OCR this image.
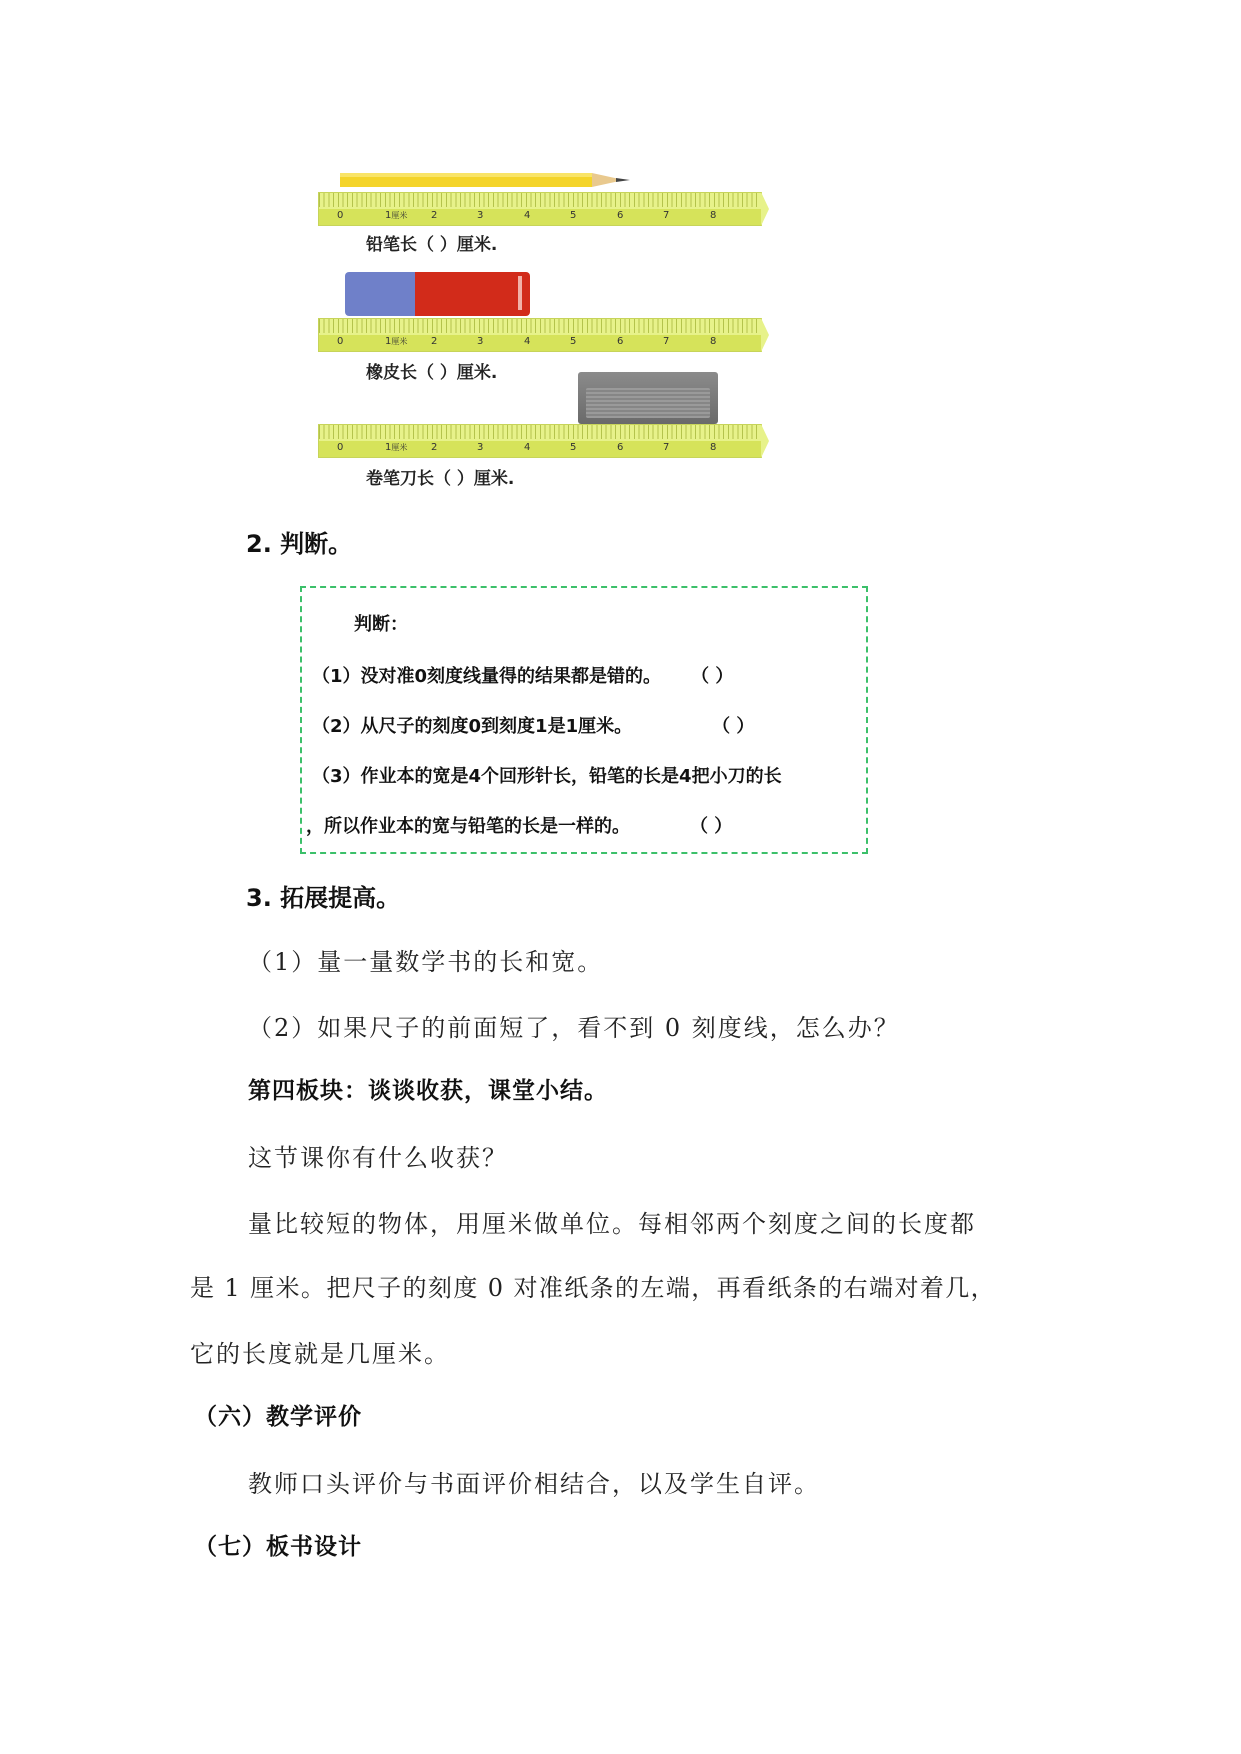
0	1厘米 2	3	4	5	6	7	8
铅笔长（ ）厘米.
0	1厘米 2	3	4	5	6	7	8
橡皮长（ ）厘米.
0	1厘米 2	3	4	5	6	7	8
卷笔刀长（ ）厘米.
2. 判断。
判断：
（1）没对准0刻度线量得的结果都是错的。 （ ）
（2）从尺子的刻度0到刻度1是1厘米。	（ ）
（3）作业本的宽是4个回形针长，铅笔的长是4把小刀的长
，所以作业本的宽与铅笔的长是一样的。	（ ）
3. 拓展提高。
（1）量一量数学书的长和宽。
（2）如果尺子的前面短了，看不到 0 刻度线，怎么办？
第四板块：谈谈收获，课堂小结。
这节课你有什么收获？
量比较短的物体，用厘米做单位。每相邻两个刻度之间的长度都
是 1 厘米。把尺子的刻度 0 对准纸条的左端，再看纸条的右端对着几，
它的长度就是几厘米。
（六）教学评价
教师口头评价与书面评价相结合，以及学生自评。
（七）板书设计
